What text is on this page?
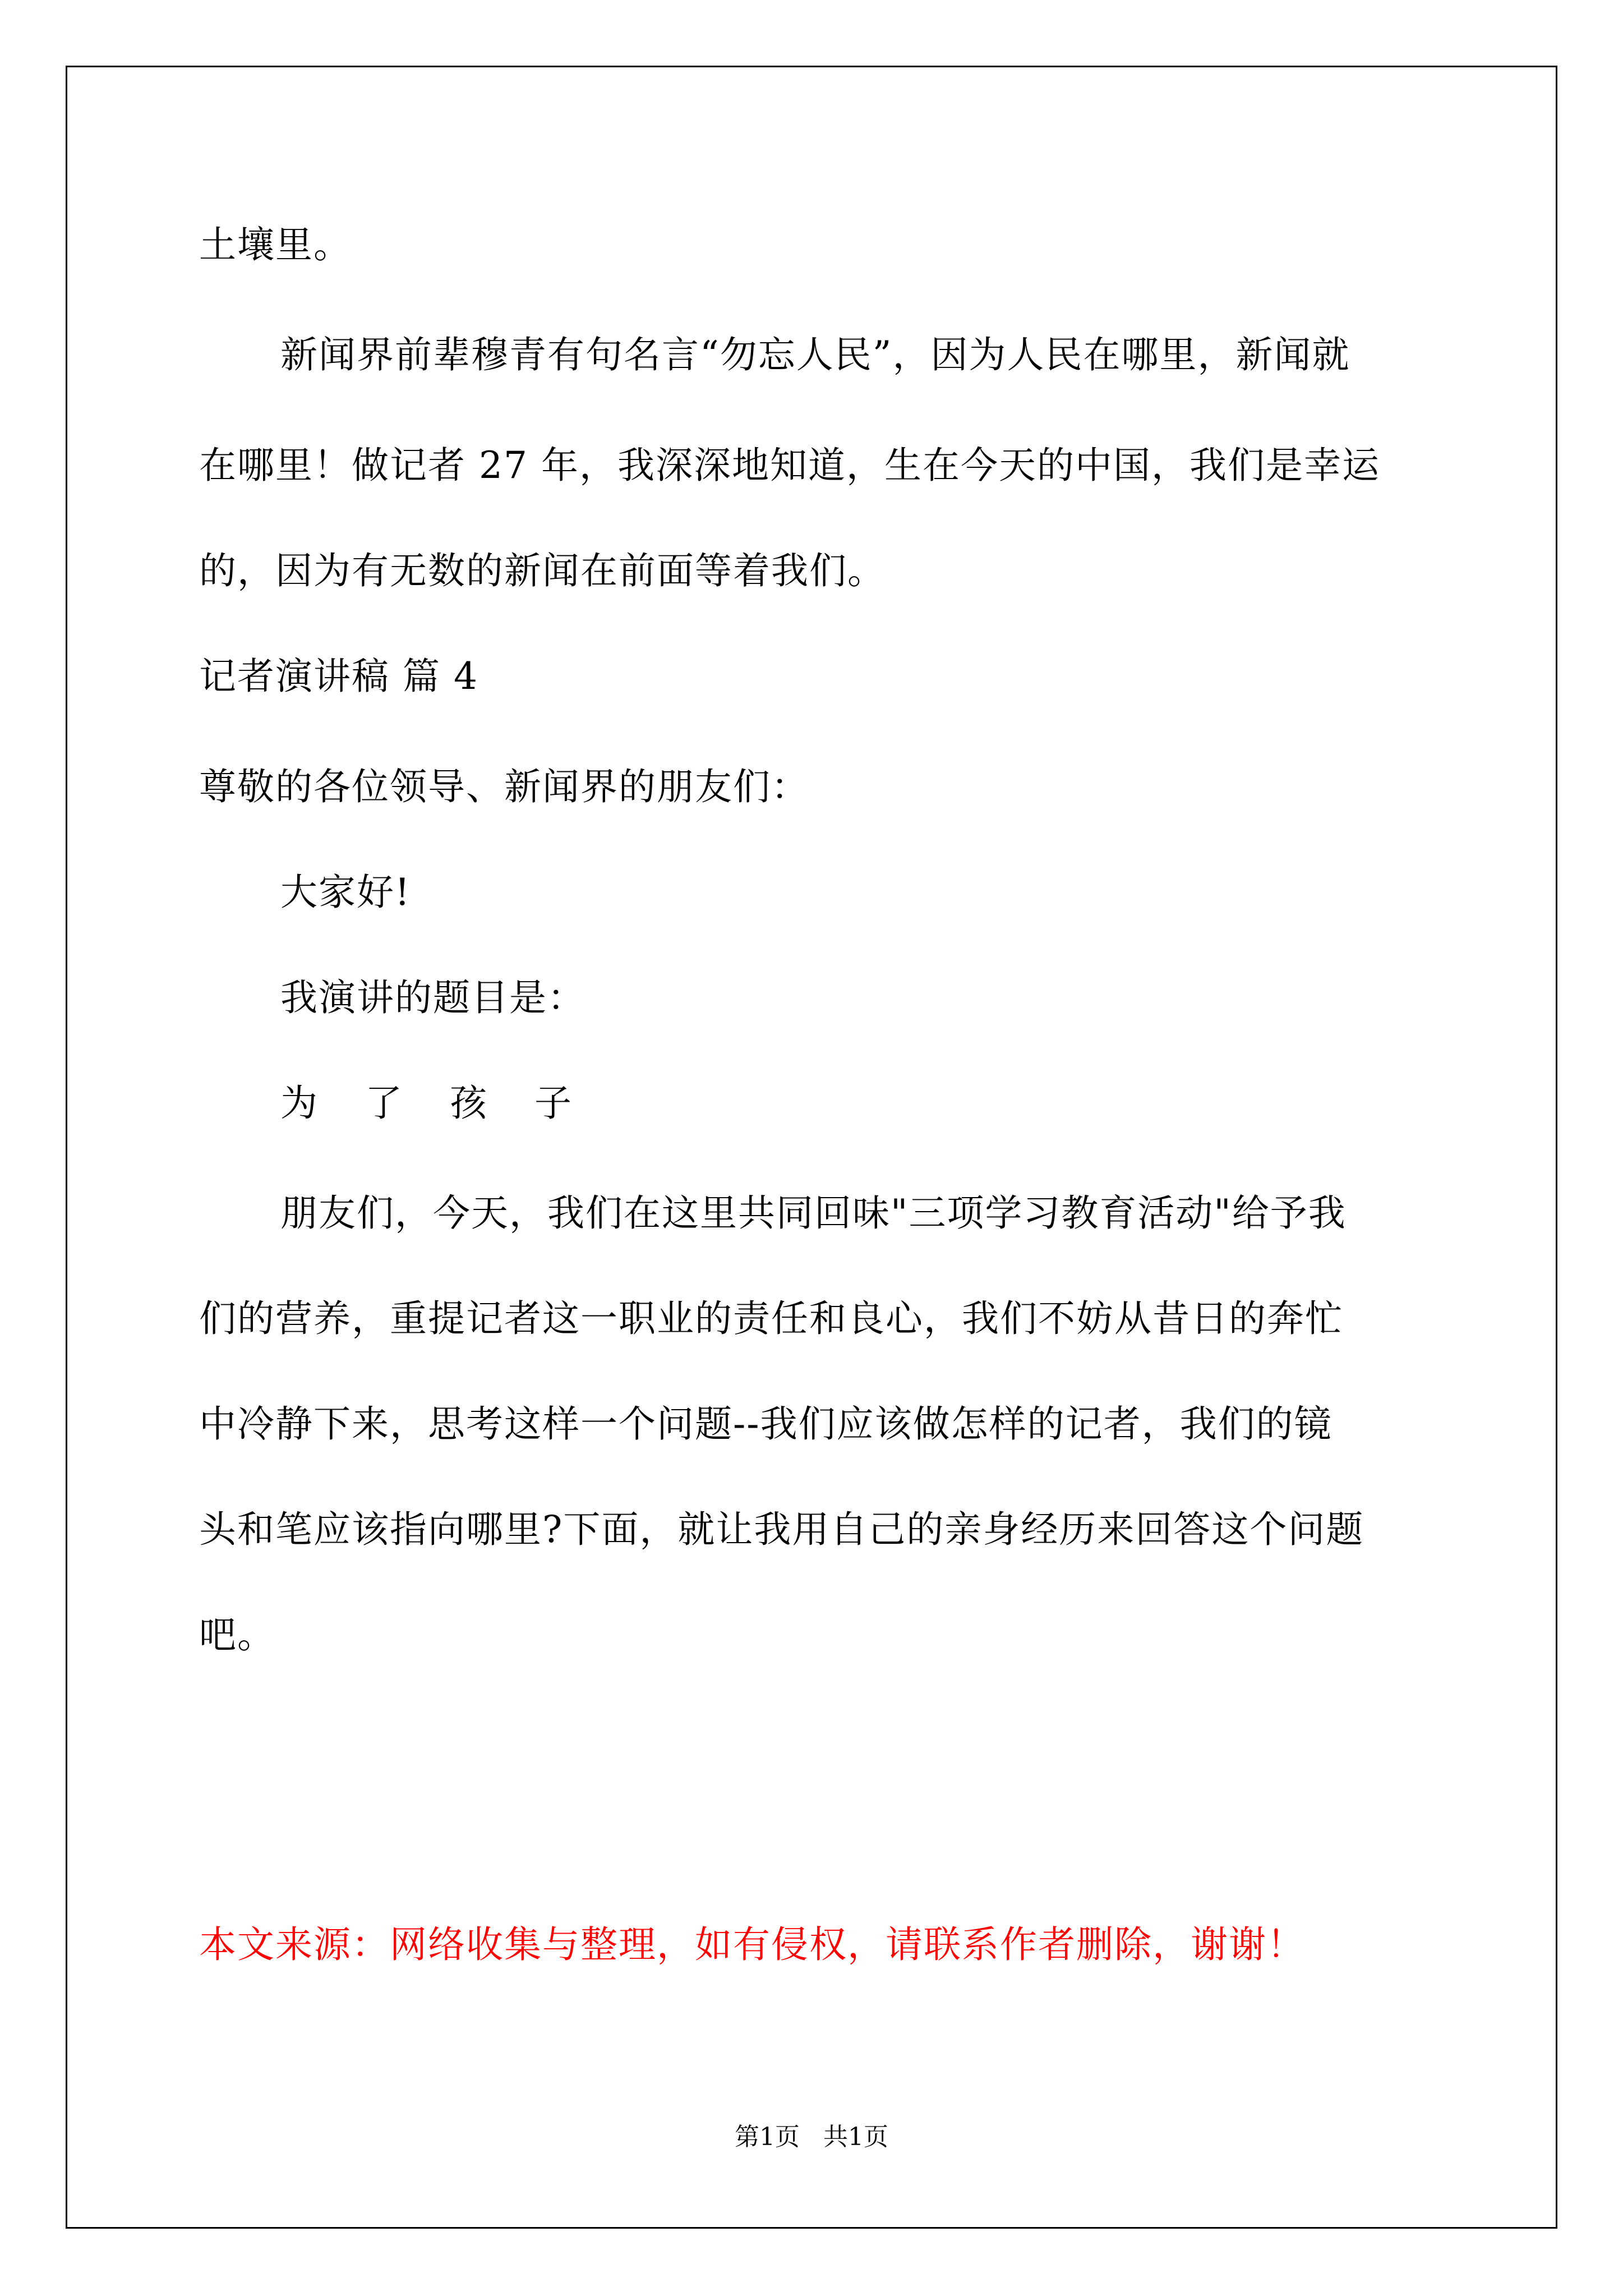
土壤里。
新闻界前辈穆青有句名言“勿忘人民”，因为人民在哪里，新闻就
在哪里！做记者 27 年，我深深地知道，生在今天的中国，我们是幸运
的，因为有无数的新闻在前面等着我们。
记者演讲稿 篇 4
尊敬的各位领导、新闻界的朋友们：
大家好!
我演讲的题目是：
为 了 孩 子
朋友们，今天，我们在这里共同回味"三项学习教育活动"给予我
们的营养，重提记者这一职业的责任和良心，我们不妨从昔日的奔忙
中冷静下来，思考这样一个问题--我们应该做怎样的记者，我们的镜
头和笔应该指向哪里?下面，就让我用自己的亲身经历来回答这个问题
吧。
本文来源：网络收集与整理，如有侵权，请联系作者删除，谢谢！
第1页   共1页
